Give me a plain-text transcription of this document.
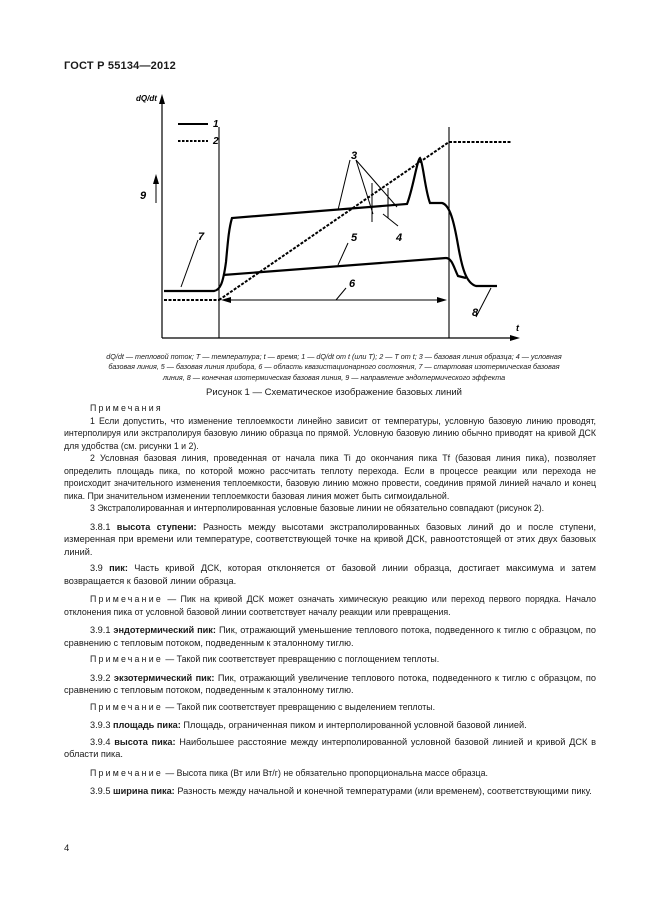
ГОСТ Р 55134—2012
dQ/dt
t
1
2
3
4
5
6
7
8
9
dQ/dt — тепловой поток; T — температура; t — время; 1 — dQ/dt от t (или T); 2 — T от t; 3 — базовая линия образца; 4 — условная
базовая линия, 5 — базовая линия прибора, 6 — область квазистационарного состояния, 7 — стартовая изотермическая базовая
линия, 8 — конечная изотермическая базовая линия, 9 — направление эндотермического эффекта
Рисунок 1 — Схематическое изображение базовых линий

Примечания

1 Если допустить, что изменение теплоемкости линейно зависит от температуры, условную базовую линию проводят, интерполируя или экстраполируя базовую линию образца по прямой. Условную базовую линию обычно приводят на кривой ДСК для удобства (см. рисунки 1 и 2).

2 Условная базовая линия, проведенная от начала пика Ti до окончания пика Tf (базовая линия пика), позволяет определить площадь пика, по которой можно рассчитать теплоту перехода. Если в процессе реакции или перехода не происходит значительного изменения теплоемкости, базовую линию можно провести, соединив прямой линией начало и конец пика. При значительном изменении теплоемкости базовая линия может быть сигмоидальной.

3 Экстраполированная и интерполированная условные базовые линии не обязательно совпадают (рисунок 2).

3.8.1 высота ступени: Разность между высотами экстраполированных базовых линий до и после ступени, измеренная при времени или температуре, соответствующей точке на кривой ДСК, равноотстоящей от этих двух базовых линий.

3.9 пик: Часть кривой ДСК, которая отклоняется от базовой линии образца, достигает максимума и затем возвращается к базовой линии образца.

Примечание — Пик на кривой ДСК может означать химическую реакцию или переход первого порядка. Начало отклонения пика от условной базовой линии соответствует началу реакции или превращения.

3.9.1 эндотермический пик: Пик, отражающий уменьшение теплового потока, подведенного к тиглю с образцом, по сравнению с тепловым потоком, подведенным к эталонному тиглю.

Примечание — Такой пик соответствует превращению с поглощением теплоты.

3.9.2 экзотермический пик: Пик, отражающий увеличение теплового потока, подведенного к тиглю с образцом, по сравнению с тепловым потоком, подведенным к эталонному тиглю.

Примечание — Такой пик соответствует превращению с выделением теплоты.

3.9.3 площадь пика: Площадь, ограниченная пиком и интерполированной условной базовой линией.

3.9.4 высота пика: Наибольшее расстояние между интерполированной условной базовой линией и кривой ДСК в области пика.

Примечание — Высота пика (Вт или Вт/г) не обязательно пропорциональна массе образца.

3.9.5 ширина пика: Разность между начальной и конечной температурами (или временем), соответствующими пику.

4
